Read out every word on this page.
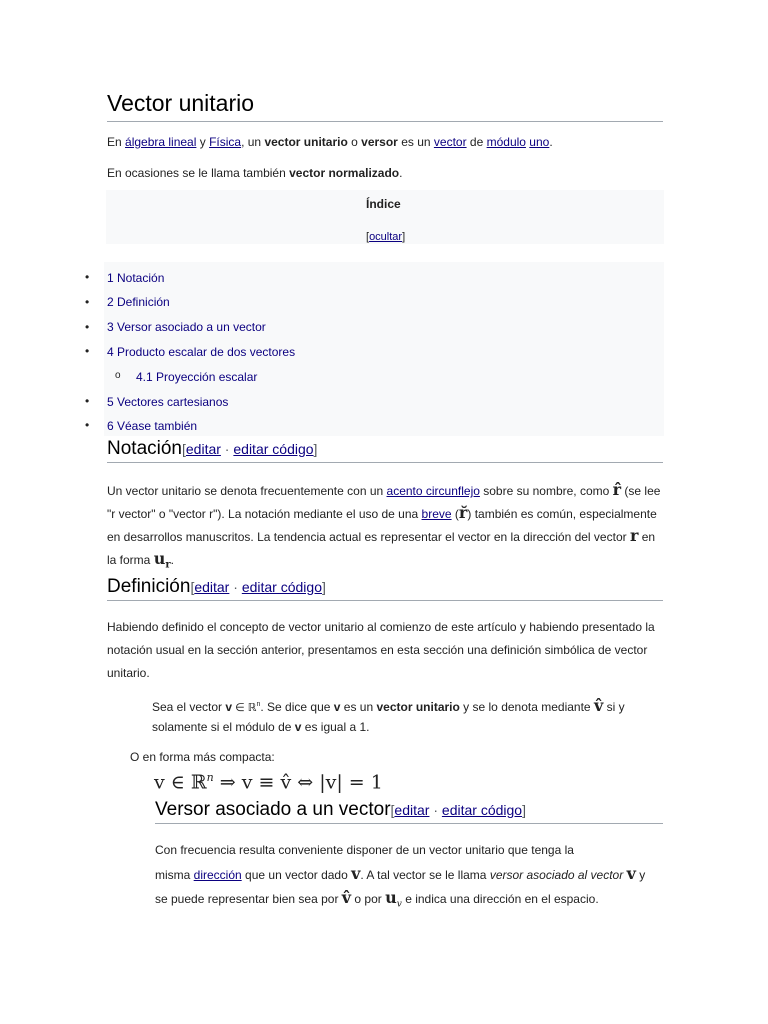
Vector unitario
En álgebra lineal y Física, un vector unitario o versor es un vector de módulo uno.
En ocasiones se le llama también vector normalizado.
Índice
[ocultar]
• 1 Notación
• 2 Definición
• 3 Versor asociado a un vector
• 4 Producto escalar de dos vectores
o 4.1 Proyección escalar
• 5 Vectores cartesianos
• 6 Véase también
Notación[editar · editar código]
Un vector unitario se denota frecuentemente con un acento circunflejo sobre su nombre, como r̂ (se lee
"r vector" o "vector r"). La notación mediante el uso de una breve (r̆) también es común, especialmente
en desarrollos manuscritos. La tendencia actual es representar el vector en la dirección del vector r en
la forma $u_r$.
Definición[editar · editar código]
Habiendo definido el concepto de vector unitario al comienzo de este artículo y habiendo presentado la
notación usual en la sección anterior, presentamos en esta sección una definición simbólica de vector
unitario.
Sea el vector v ∈ ℝ$^n$. Se dice que v es un vector unitario y se lo denota mediante v̂ si y
solamente si el módulo de v es igual a 1.
O en forma más compacta:
v ∈ ℝ$^n$ ⇒ v ≡ v̂ ⇔ |v| = 1
Versor asociado a un vector[editar · editar código]
Con frecuencia resulta conveniente disponer de un vector unitario que tenga la
misma dirección que un vector dado v. A tal vector se le llama versor asociado al vector v y
se puede representar bien sea por v̂ o por $u_v$ e indica una dirección en el espacio.
